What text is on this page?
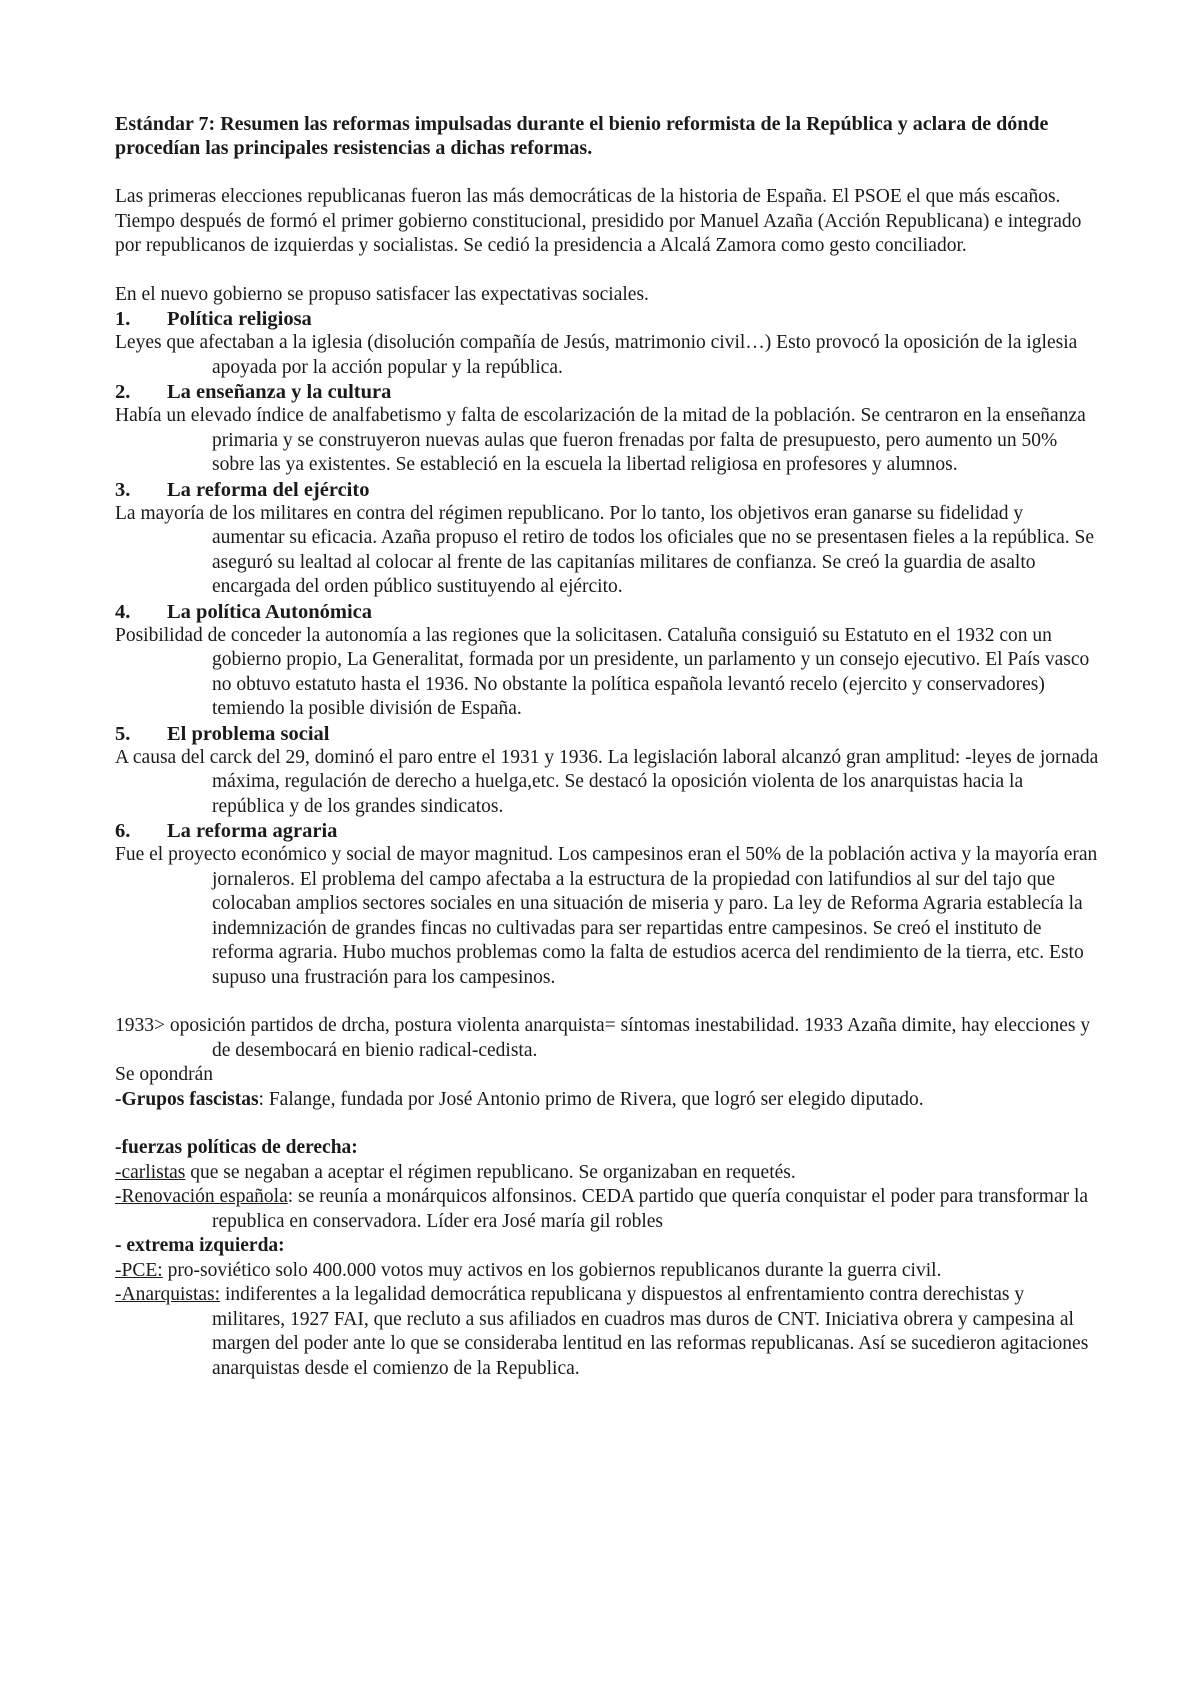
Estándar 7: Resumen las reformas impulsadas durante el bienio reformista de la República y aclara de dónde procedían las principales resistencias a dichas reformas.

Las primeras elecciones republicanas fueron las más democráticas de la historia de España. El PSOE el que más escaños. Tiempo después de formó el primer gobierno constitucional, presidido por Manuel Azaña (Acción Republicana) e integrado por republicanos de izquierdas y socialistas. Se cedió la presidencia a Alcalá Zamora como gesto conciliador.

En el nuevo gobierno se propuso satisfacer las expectativas sociales.

1.	Política religiosa

Leyes que afectaban a la iglesia (disolución compañía de Jesús, matrimonio civil…) Esto provocó la oposición de la iglesia apoyada por la acción popular y la república.

2.	La enseñanza y la cultura

Había un elevado índice de analfabetismo y falta de escolarización de la mitad de la población. Se centraron en la enseñanza primaria y se construyeron nuevas aulas que fueron frenadas por falta de presupuesto, pero aumento un 50% sobre las ya existentes. Se estableció en la escuela la libertad religiosa en profesores y alumnos.

3.	La reforma del ejército

La mayoría de los militares en contra del régimen republicano. Por lo tanto, los objetivos eran ganarse su fidelidad y aumentar su eficacia. Azaña propuso el retiro de todos los oficiales que no se presentasen fieles a la república. Se aseguró su lealtad al colocar al frente de las capitanías militares de confianza. Se creó la guardia de asalto encargada del orden público sustituyendo al ejército.

4.	La política Autonómica

Posibilidad de conceder la autonomía a las regiones que la solicitasen. Cataluña consiguió su Estatuto en el 1932 con un gobierno propio, La Generalitat, formada por un presidente, un parlamento y un consejo ejecutivo. El País vasco no obtuvo estatuto hasta el 1936. No obstante la política española levantó recelo (ejercito y conservadores) temiendo la posible división de España.

5.	El problema social

A causa del carck del 29, dominó el paro entre el 1931 y 1936. La legislación laboral alcanzó gran amplitud: -leyes de jornada máxima, regulación de derecho a huelga,etc. Se destacó la oposición violenta de los anarquistas hacia la república y de los grandes sindicatos.

6.	La reforma agraria

Fue el proyecto económico y social de mayor magnitud. Los campesinos eran el 50% de la población activa y la mayoría eran jornaleros. El problema del campo afectaba a la estructura de la propiedad con latifundios al sur del tajo que colocaban amplios sectores sociales en una situación de miseria y paro. La ley de Reforma Agraria establecía la indemnización de grandes fincas no cultivadas para ser repartidas entre campesinos. Se creó el instituto de reforma agraria. Hubo muchos problemas como la falta de estudios acerca del rendimiento de la tierra, etc. Esto supuso una frustración para los campesinos.

1933> oposición partidos de drcha, postura violenta anarquista= síntomas inestabilidad. 1933 Azaña dimite, hay elecciones y de desembocará en bienio radical-cedista.

Se opondrán

-Grupos fascistas: Falange, fundada por José Antonio primo de Rivera, que logró ser elegido diputado.

-fuerzas políticas de derecha:

-carlistas que se negaban a aceptar el régimen republicano. Se organizaban en requetés.

-Renovación española: se reunía a monárquicos alfonsinos. CEDA partido que quería conquistar el poder para transformar la republica en conservadora. Líder era José maría gil robles

- extrema izquierda:

-PCE: pro-soviético solo 400.000 votos muy activos en los gobiernos republicanos durante la guerra civil.

-Anarquistas: indiferentes a la legalidad democrática republicana y dispuestos al enfrentamiento contra derechistas y militares, 1927 FAI, que recluto a sus afiliados en cuadros mas duros de CNT. Iniciativa obrera y campesina al margen del poder ante lo que se consideraba lentitud en las reformas republicanas. Así se sucedieron agitaciones anarquistas desde el comienzo de la Republica.
